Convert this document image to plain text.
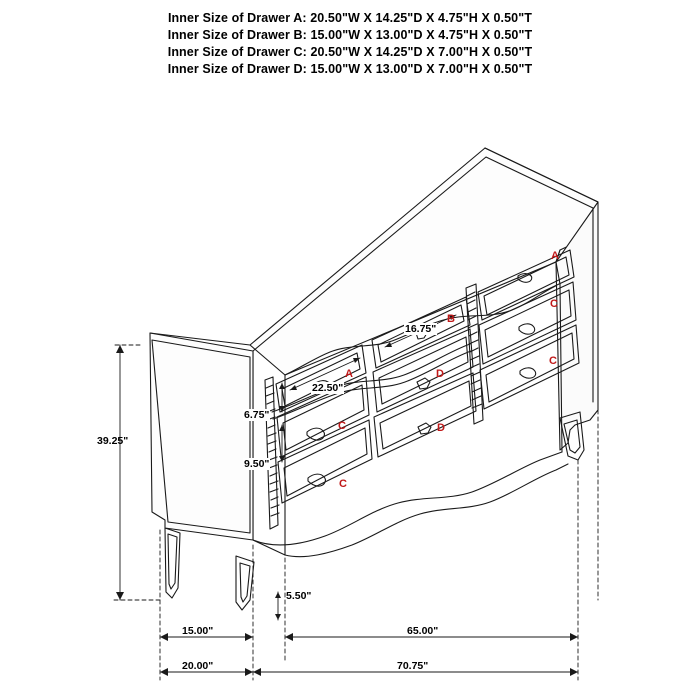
Inner Size of Drawer A: 20.50"W X 14.25"D X 4.75"H X 0.50"T
Inner Size of Drawer B: 15.00"W X 13.00"D X 4.75"H X 0.50"T
Inner Size of Drawer C: 20.50"W X 14.25"D X 7.00"H X 0.50"T
Inner Size of Drawer D: 15.00"W X 13.00"D X 7.00"H X 0.50"T
A
C
C
A
B
D
D
C
C
16.75"
22.50"
6.75"
9.50"
39.25"
5.50"
15.00"	65.00"
20.00"	70.75"
